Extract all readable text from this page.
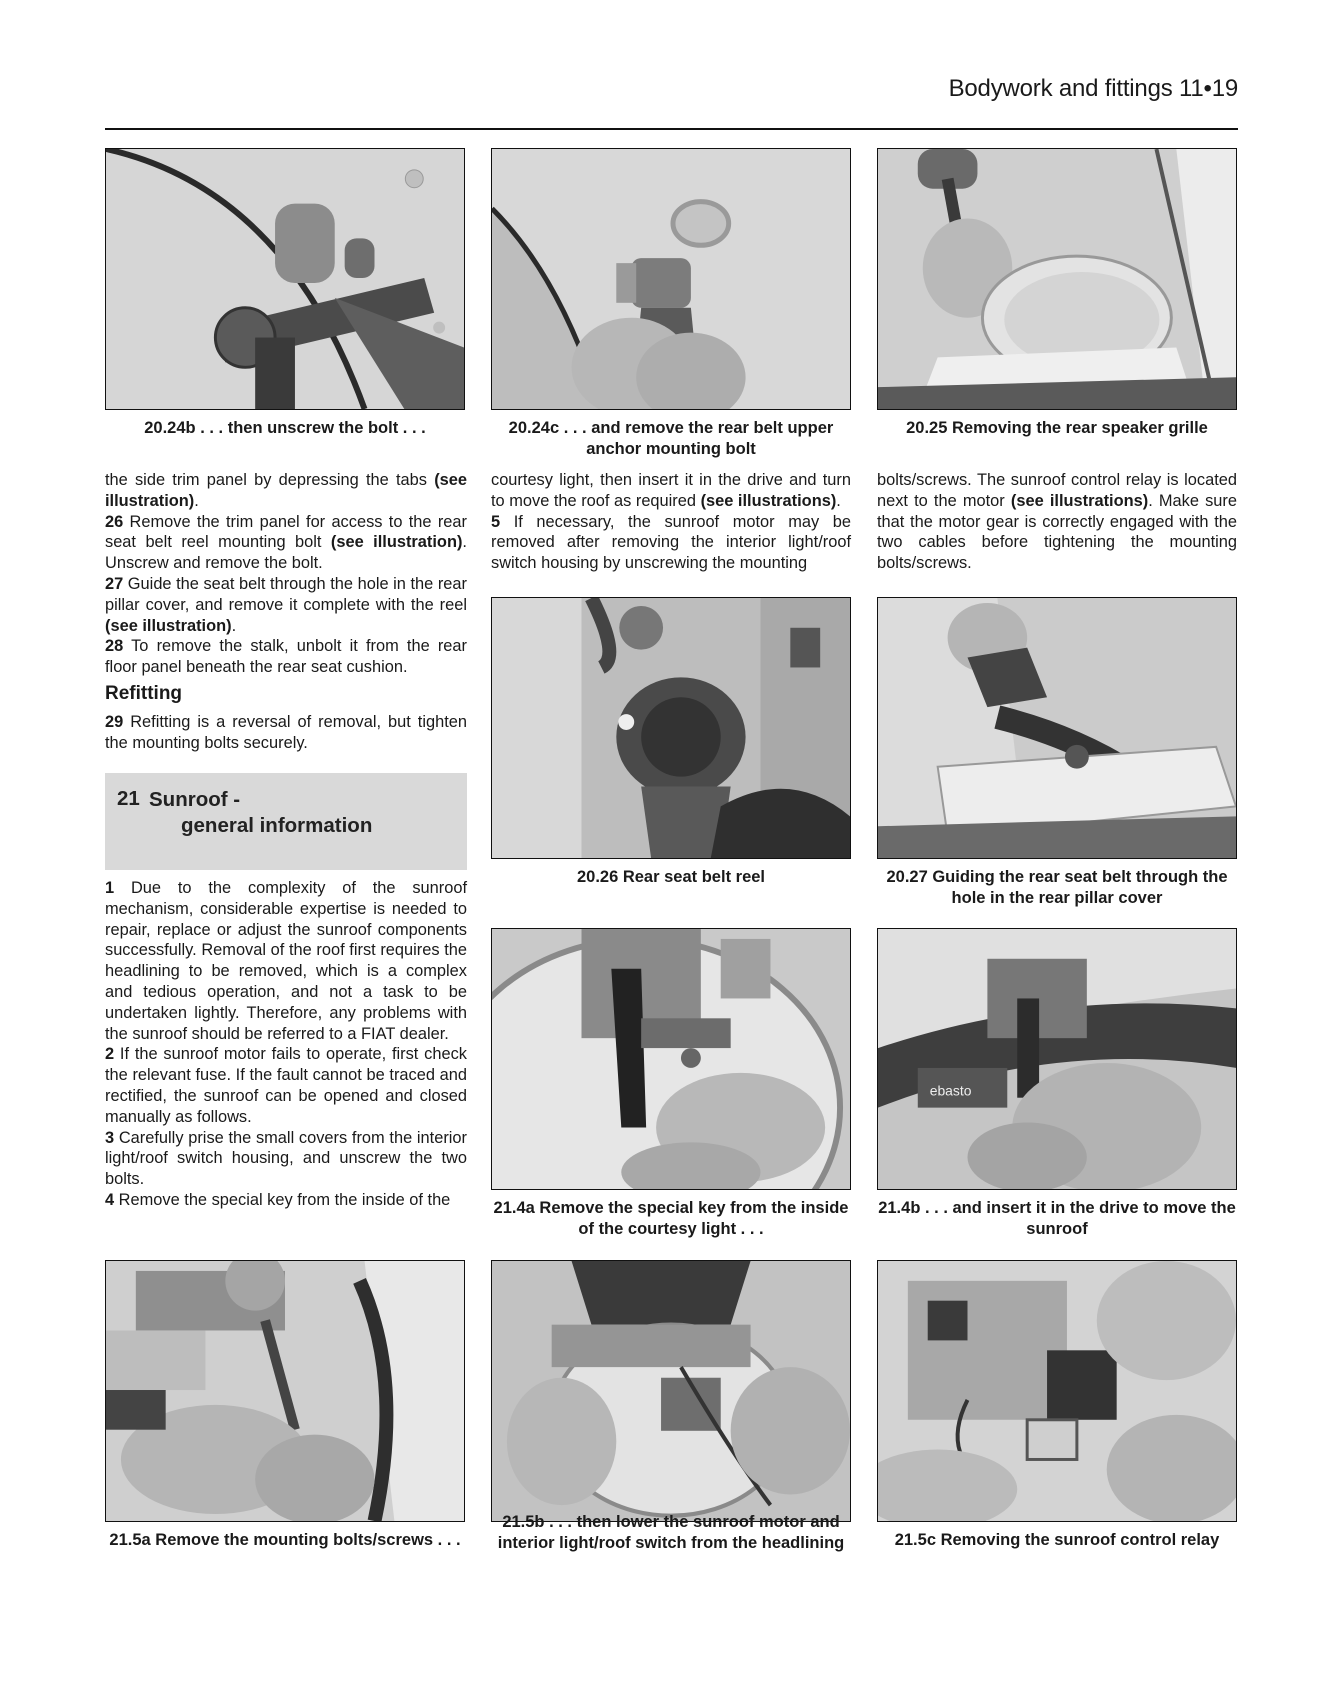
Bodywork and fittings 11•19
20.24b . . . then unscrew the bolt . . .	20.24c . . . and remove the rear belt upper anchor mounting bolt
20.25 Removing the rear speaker grille

the side trim panel by depressing the tabs (see illustration).

26 Remove the trim panel for access to the rear seat belt reel mounting bolt (see illustration). Unscrew and remove the bolt.

27 Guide the seat belt through the hole in the rear pillar cover, and remove it complete with the reel (see illustration).

28 To remove the stalk, unbolt it from the rear floor panel beneath the rear seat cushion.

Refitting

29 Refitting is a reversal of removal, but tighten the mounting bolts securely.

21 Sunroof -
general information

1 Due to the complexity of the sunroof mechanism, considerable expertise is needed to repair, replace or adjust the sunroof components successfully. Removal of the roof first requires the headlining to be removed, which is a complex and tedious operation, and not a task to be undertaken lightly. Therefore, any problems with the sunroof should be referred to a FIAT dealer.

2 If the sunroof motor fails to operate, first check the relevant fuse. If the fault cannot be traced and rectified, the sunroof can be opened and closed manually as follows.

3 Carefully prise the small covers from the interior light/roof switch housing, and unscrew the two bolts.

4 Remove the special key from the inside of the

courtesy light, then insert it in the drive and turn to move the roof as required (see illustrations).

5 If necessary, the sunroof motor may be removed after removing the interior light/roof switch housing by unscrewing the mounting

bolts/screws. The sunroof control relay is located next to the motor (see illustrations). Make sure that the motor gear is correctly engaged with the two cables before tightening the mounting bolts/screws.

20.26 Rear seat belt reel	20.27 Guiding the rear seat belt through the hole in the rear pillar cover
21.4a Remove the special key from the inside of the courtesy light . . .
ebasto
21.4b . . . and insert it in the drive to move the sunroof
21.5a Remove the mounting bolts/screws . . .
21.5b . . . then lower the sunroof motor and interior light/roof switch from the headlining	21.5c Removing the sunroof control relay
